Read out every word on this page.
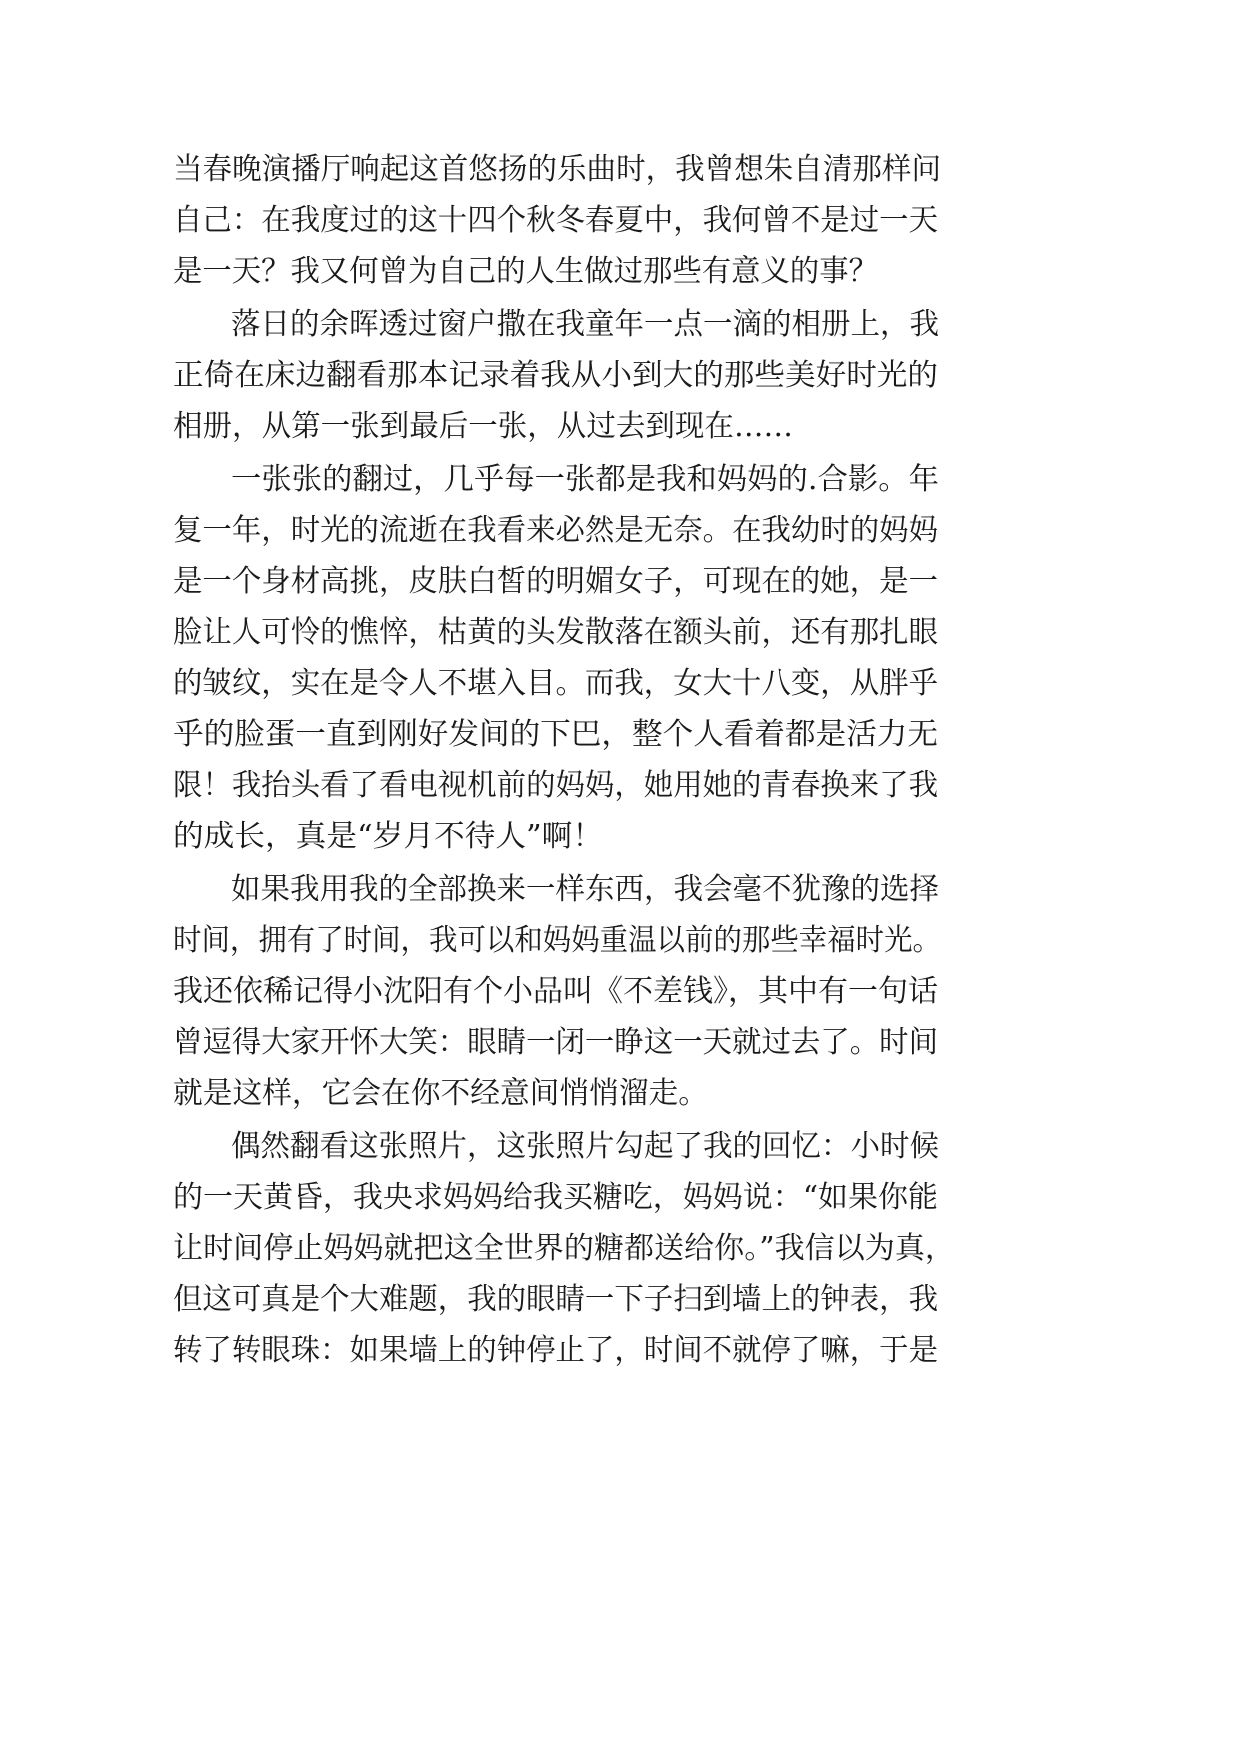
当春晚演播厅响起这首悠扬的乐曲时，我曾想朱自清那样问
自己：在我度过的这十四个秋冬春夏中，我何曾不是过一天
是一天？我又何曾为自己的人生做过那些有意义的事？
落日的余晖透过窗户撒在我童年一点一滴的相册上，我
正倚在床边翻看那本记录着我从小到大的那些美好时光的
相册，从第一张到最后一张，从过去到现在……
一张张的翻过，几乎每一张都是我和妈妈的.合影。年
复一年，时光的流逝在我看来必然是无奈。在我幼时的妈妈
是一个身材高挑，皮肤白皙的明媚女子，可现在的她，是一
脸让人可怜的憔悴，枯黄的头发散落在额头前，还有那扎眼
的皱纹，实在是令人不堪入目。而我，女大十八变，从胖乎
乎的脸蛋一直到刚好发间的下巴，整个人看着都是活力无
限！我抬头看了看电视机前的妈妈，她用她的青春换来了我
的成长，真是“岁月不待人”啊！
如果我用我的全部换来一样东西，我会毫不犹豫的选择
时间，拥有了时间，我可以和妈妈重温以前的那些幸福时光。
我还依稀记得小沈阳有个小品叫《不差钱》，其中有一句话
曾逗得大家开怀大笑：眼睛一闭一睁这一天就过去了。时间
就是这样，它会在你不经意间悄悄溜走。
偶然翻看这张照片，这张照片勾起了我的回忆：小时候
的一天黄昏，我央求妈妈给我买糖吃，妈妈说：“如果你能
让时间停止妈妈就把这全世界的糖都送给你。”我信以为真，
但这可真是个大难题，我的眼睛一下子扫到墙上的钟表，我
转了转眼珠：如果墙上的钟停止了，时间不就停了嘛，于是
